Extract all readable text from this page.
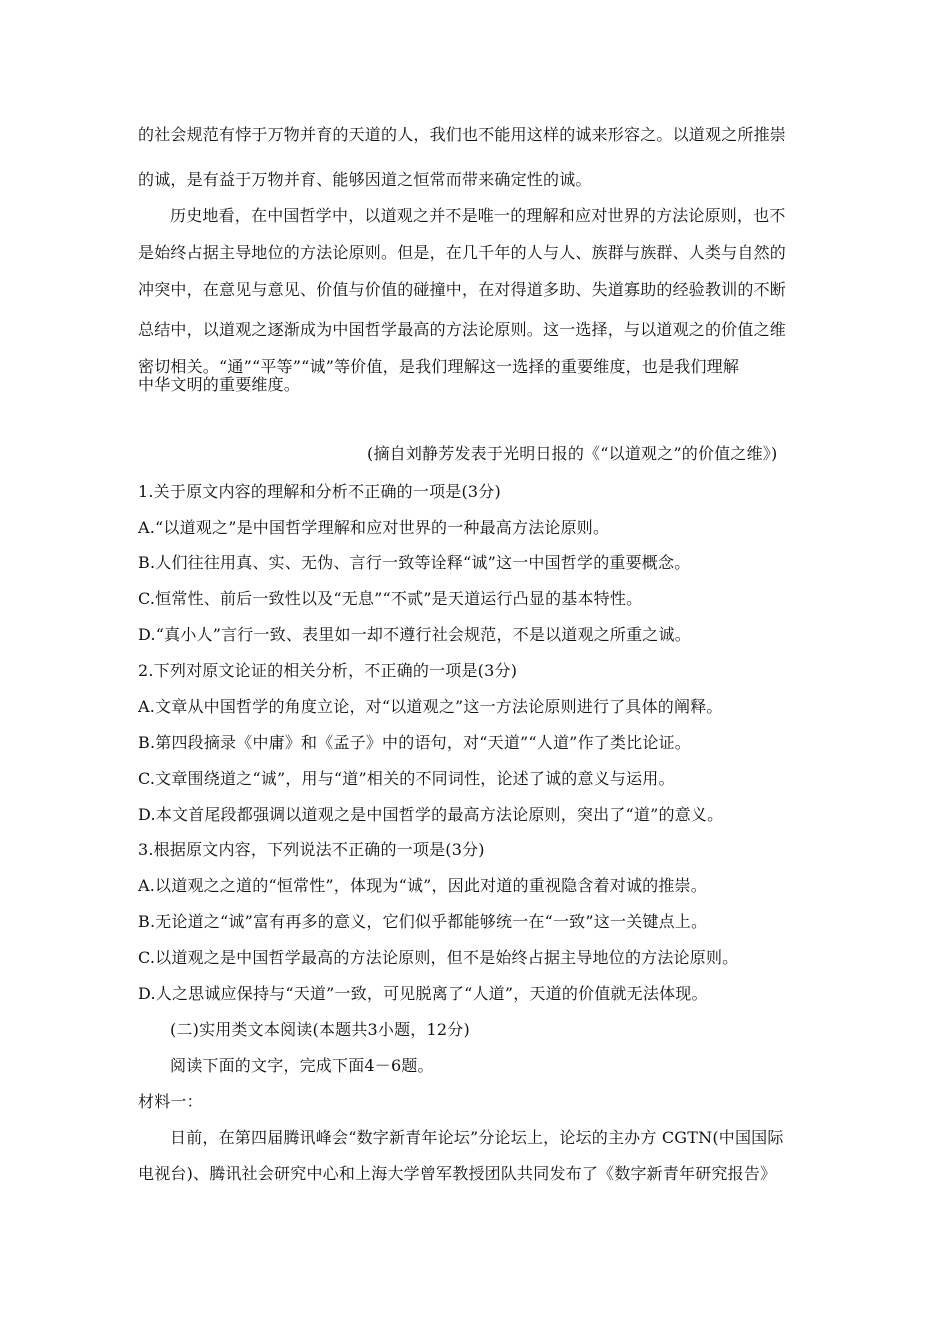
的社会规范有悖于万物并育的天道的人，我们也不能用这样的诚来形容之。以道观之所推崇
的诚，是有益于万物并育、能够因道之恒常而带来确定性的诚。
历史地看，在中国哲学中，以道观之并不是唯一的理解和应对世界的方法论原则，也不
是始终占据主导地位的方法论原则。但是，在几千年的人与人、族群与族群、人类与自然的
冲突中，在意见与意见、价值与价值的碰撞中，在对得道多助、失道寡助的经验教训的不断
总结中，以道观之逐渐成为中国哲学最高的方法论原则。这一选择，与以道观之的价值之维
密切相关。“通”“平等”“诚”等价值，是我们理解这一选择的重要维度，也是我们理解
中华文明的重要维度。
(摘自刘静芳发表于光明日报的《“以道观之”的价值之维》)
1.关于原文内容的理解和分析不正确的一项是(3分)
A.“以道观之”是中国哲学理解和应对世界的一种最高方法论原则。
B.人们往往用真、实、无伪、言行一致等诠释“诚”这一中国哲学的重要概念。
C.恒常性、前后一致性以及“无息”“不贰”是天道运行凸显的基本特性。
D.“真小人”言行一致、表里如一却不遵行社会规范，不是以道观之所重之诚。
2.下列对原文论证的相关分析，不正确的一项是(3分)
A.文章从中国哲学的角度立论，对“以道观之”这一方法论原则进行了具体的阐释。
B.第四段摘录《中庸》和《孟子》中的语句，对“天道”“人道”作了类比论证。
C.文章围绕道之“诚”，用与“道”相关的不同词性，论述了诚的意义与运用。
D.本文首尾段都强调以道观之是中国哲学的最高方法论原则，突出了“道”的意义。
3.根据原文内容，下列说法不正确的一项是(3分)
A.以道观之之道的“恒常性”，体现为“诚”，因此对道的重视隐含着对诚的推崇。
B.无论道之“诚”富有再多的意义，它们似乎都能够统一在“一致”这一关键点上。
C.以道观之是中国哲学最高的方法论原则，但不是始终占据主导地位的方法论原则。
D.人之思诚应保持与“天道”一致，可见脱离了“人道”，天道的价值就无法体现。
(二)实用类文本阅读(本题共3小题，12分)
阅读下面的文字，完成下面4－6题。
材料一：
日前，在第四届腾讯峰会“数字新青年论坛”分论坛上，论坛的主办方 CGTN(中国国际
电视台)、腾讯社会研究中心和上海大学曾军教授团队共同发布了《数字新青年研究报告》
